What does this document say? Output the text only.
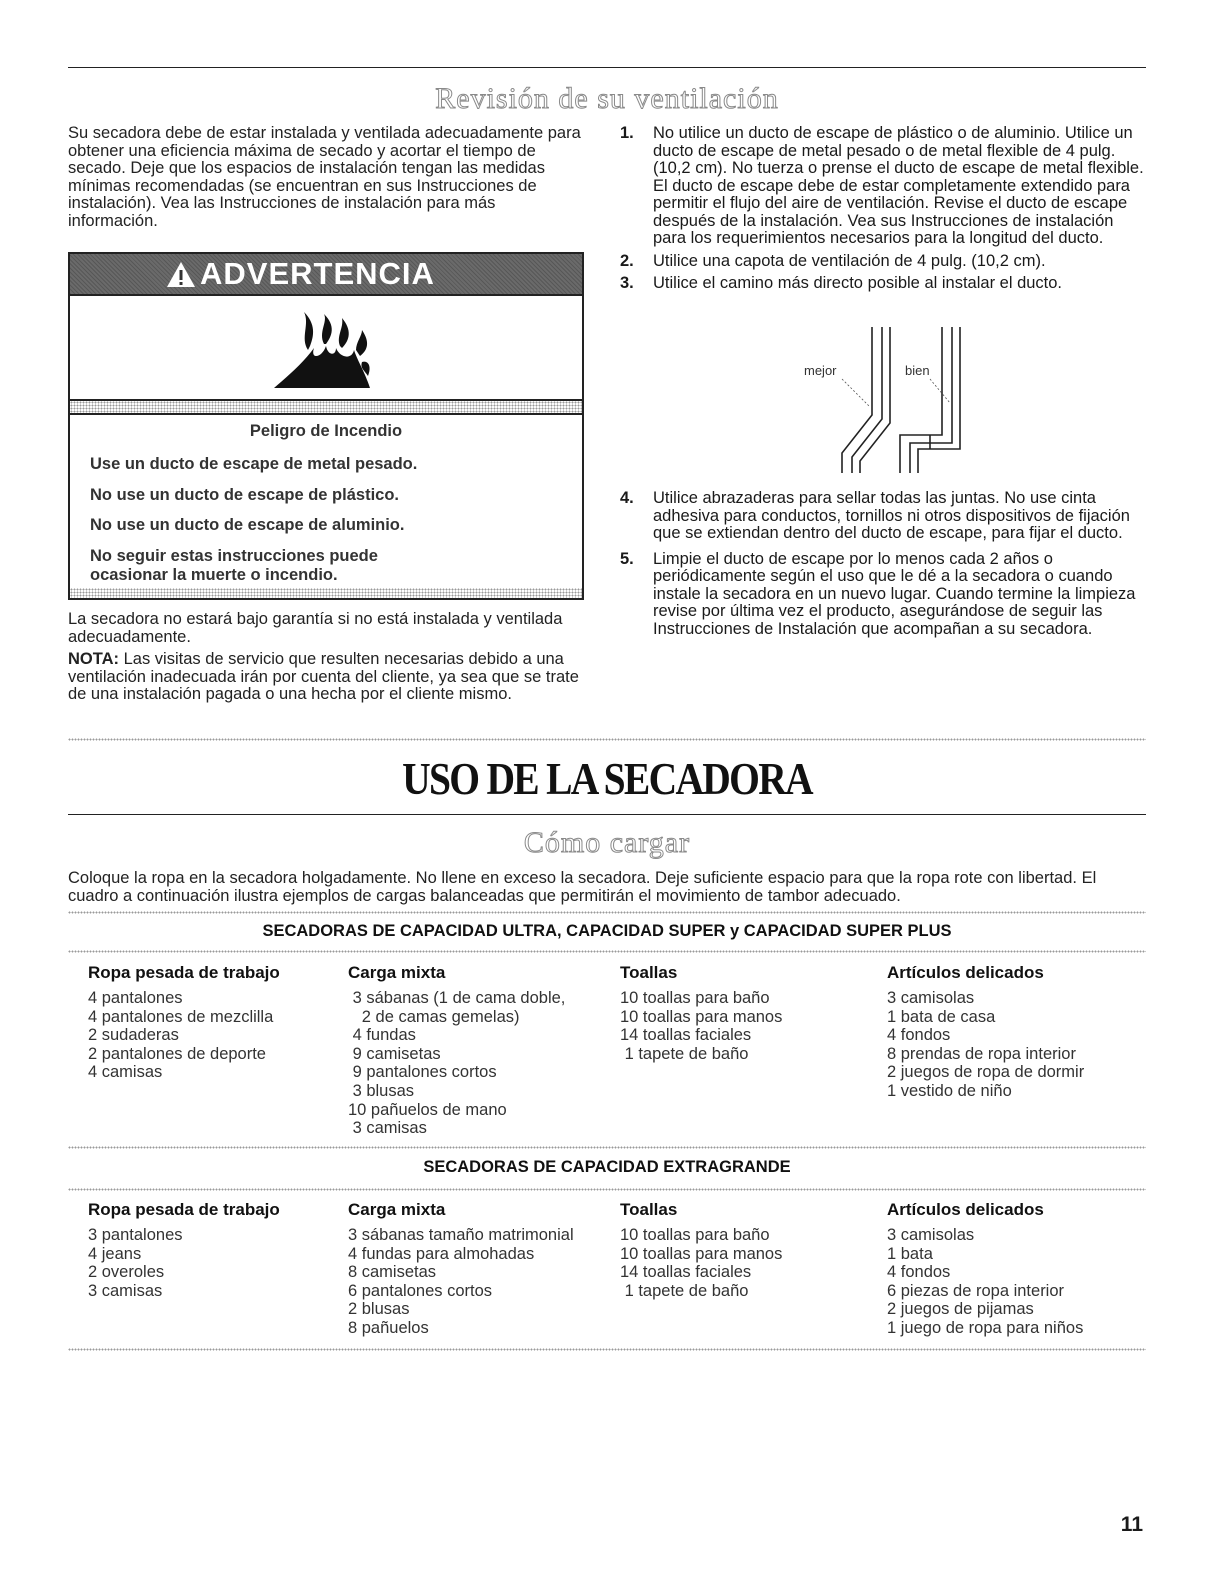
Revisión de su ventilación

Su secadora debe de estar instalada y ventilada adecuadamente para obtener una eficiencia máxima de secado y acortar el tiempo de secado. Deje que los espacios de instalación tengan las medidas mínimas recomendadas (se encuentran en sus Instrucciones de instalación). Vea las Instrucciones de instalación para más información.

ADVERTENCIA
Peligro de Incendio
Use un ducto de escape de metal pesado.
No use un ducto de escape de plástico.
No use un ducto de escape de aluminio.
No seguir estas instrucciones puede ocasionar la muerte o incendio.

La secadora no estará bajo garantía si no está instalada y ventilada adecuadamente.

NOTA: Las visitas de servicio que resulten necesarias debido a una ventilación inadecuada irán por cuenta del cliente, ya sea que se trate de una instalación pagada o una hecha por el cliente mismo.

1. No utilice un ducto de escape de plástico o de aluminio. Utilice un ducto de escape de metal pesado o de metal flexible de 4 pulg. (10,2 cm). No tuerza o prense el ducto de escape de metal flexible. El ducto de escape debe de estar completamente extendido para permitir el flujo del aire de ventilación. Revise el ducto de escape después de la instalación. Vea sus Instrucciones de instalación para los requerimientos necesarios para la longitud del ducto.
2. Utilice una capota de ventilación de 4 pulg. (10,2 cm).
3. Utilice el camino más directo posible al instalar el ducto.
mejor	bien
4. Utilice abrazaderas para sellar todas las juntas. No use cinta adhesiva para conductos, tornillos ni otros dispositivos de fijación que se extiendan dentro del ducto de escape, para fijar el ducto.
5. Limpie el ducto de escape por lo menos cada 2 años o periódicamente según el uso que le dé a la secadora o cuando instale la secadora en un nuevo lugar. Cuando termine la limpieza revise por última vez el producto, asegurándose de seguir las Instrucciones de Instalación que acompañan a su secadora.
USO DE LA SECADORA
Cómo cargar
Coloque la ropa en la secadora holgadamente. No llene en exceso la secadora. Deje suficiente espacio para que la ropa rote con libertad. El cuadro a continuación ilustra ejemplos de cargas balanceadas que permitirán el movimiento de tambor adecuado.
SECADORAS DE CAPACIDAD ULTRA, CAPACIDAD SUPER y CAPACIDAD SUPER PLUS
Ropa pesada de trabajo
4 pantalones
4 pantalones de mezclilla
2 sudaderas
2 pantalones de deporte
4 camisas
Carga mixta
3 sábanas (1 de cama doble,
2 de camas gemelas)
4 fundas
9 camisetas
9 pantalones cortos
3 blusas
10 pañuelos de mano
3 camisas
Toallas
10 toallas para baño
10 toallas para manos
14 toallas faciales
1 tapete de baño
Artículos delicados
3 camisolas
1 bata de casa
4 fondos
8 prendas de ropa interior
2 juegos de ropa de dormir
1 vestido de niño
SECADORAS DE CAPACIDAD EXTRAGRANDE
Ropa pesada de trabajo
3 pantalones
4 jeans
2 overoles
3 camisas
Carga mixta
3 sábanas tamaño matrimonial
4 fundas para almohadas
8 camisetas
6 pantalones cortos
2 blusas
8 pañuelos
Toallas
10 toallas para baño
10 toallas para manos
14 toallas faciales
1 tapete de baño
Artículos delicados
3 camisolas
1 bata
4 fondos
6 piezas de ropa interior
2 juegos de pijamas
1 juego de ropa para niños
11
